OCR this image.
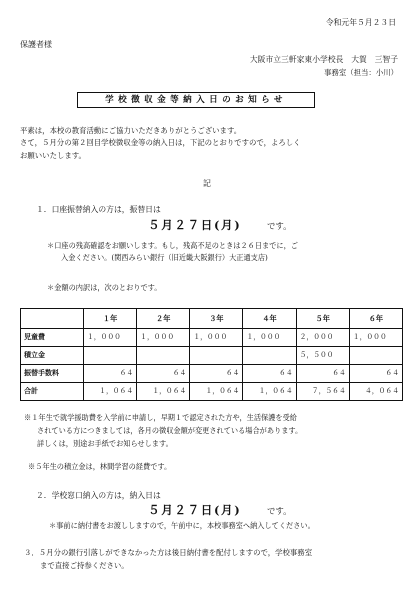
令和元年５月２３日
保護者様
大阪市立三軒家東小学校長　大賀　三智子
事務室（担当：小川）
学校徴収金等納入日のお知らせ
平素は，本校の教育活動にご協力いただきありがとうございます。
さて，５月分の第２回目学校徴収金等の納入日は，下記のとおりですので，よろしく
お願いいたします。
記
１．口座振替納入の方は，振替日は
５月２７日(月)	です。
＊口座の残高確認をお願いします。もし，残高不足のときは２６日までに，ご
入金ください。(関西みらい銀行（旧近畿大阪銀行）大正通支店)
＊金額の内訳は，次のとおりです。
	１年	２年	３年	４年	５年	６年
児童費	１，０００	１，０００	１，０００	１，０００	２，０００	１，０００
積立金					５，５００	
振替手数料	６４	６４	６４	６４	６４	６４
合計	１，０６４	１，０６４	１，０６４	１，０６４	７，５６４	４，０６４
※１年生で就学援助費を入学前に申請し，早期１で認定された方や，生活保護を受給
されている方につきましては，各月の徴収金額が変更されている場合があります。
詳しくは，別途お手紙でお知らせします。
※５年生の積立金は，林間学習の経費です。
２．学校窓口納入の方は，納入日は
５月２７日(月)	です。
＊事前に納付書をお渡ししますので，午前中に，本校事務室へ納入してください。
３．５月分の銀行引落しができなかった方は後日納付書を配付しますので，学校事務室
まで直接ご持参ください。
